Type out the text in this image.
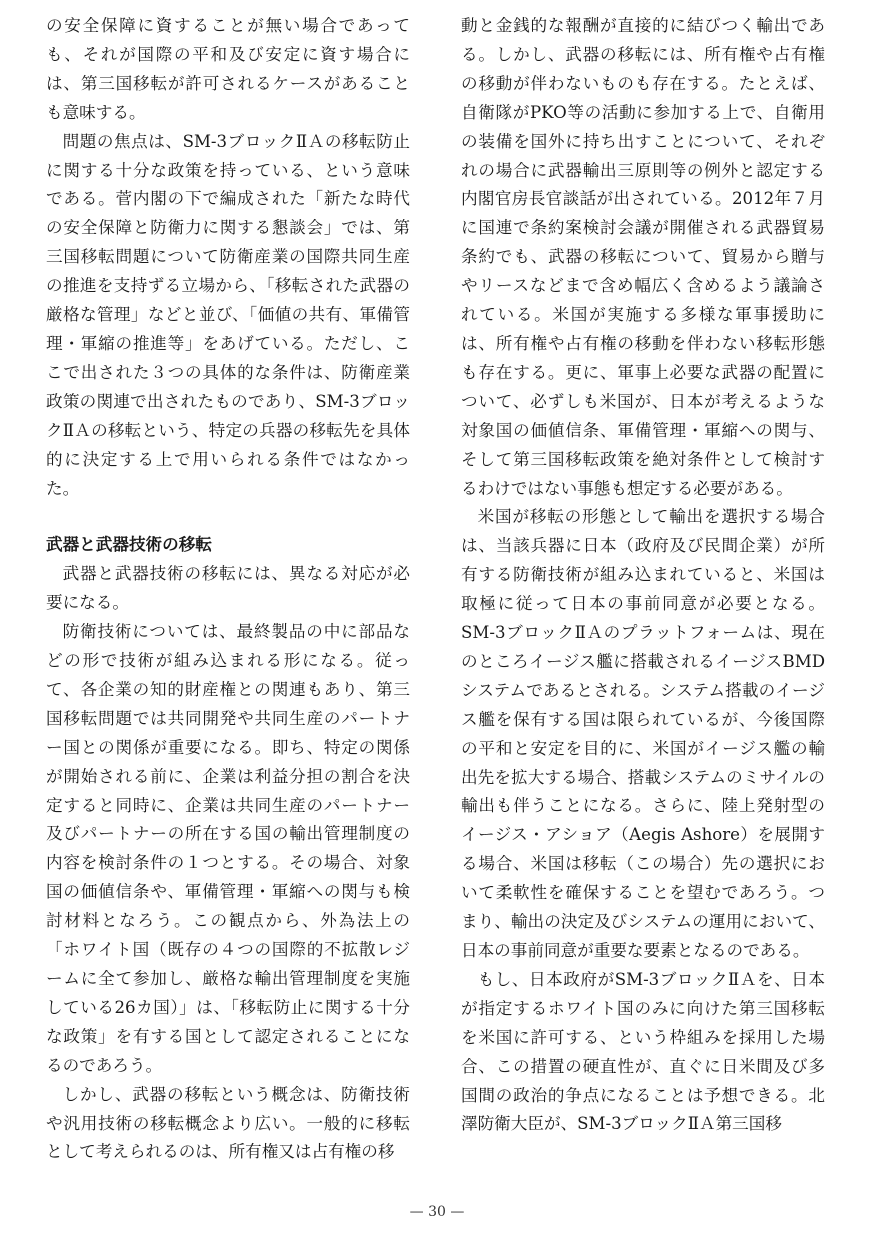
の安全保障に資することが無い場合であっても、それが国際の平和及び安定に資す場合には、第三国移転が許可されるケースがあることも意味する。

問題の焦点は、SM-3ブロックⅡＡの移転防止に関する十分な政策を持っている、という意味である。菅内閣の下で編成された「新たな時代の安全保障と防衛力に関する懇談会」では、第三国移転問題について防衛産業の国際共同生産の推進を支持ずる立場から、「移転された武器の厳格な管理」などと並び、「価値の共有、軍備管理・軍縮の推進等」をあげている。ただし、ここで出された３つの具体的な条件は、防衛産業政策の関連で出されたものであり、SM-3ブロックⅡＡの移転という、特定の兵器の移転先を具体的に決定する上で用いられる条件ではなかった。

武器と武器技術の移転

武器と武器技術の移転には、異なる対応が必要になる。

防衛技術については、最終製品の中に部品などの形で技術が組み込まれる形になる。従って、各企業の知的財産権との関連もあり、第三国移転問題では共同開発や共同生産のパートナー国との関係が重要になる。即ち、特定の関係が開始される前に、企業は利益分担の割合を決定すると同時に、企業は共同生産のパートナー及びパートナーの所在する国の輸出管理制度の内容を検討条件の１つとする。その場合、対象国の価値信条や、軍備管理・軍縮への関与も検討材料となろう。この観点から、外為法上の「ホワイト国（既存の４つの国際的不拡散レジームに全て参加し、厳格な輸出管理制度を実施している26カ国）」は、「移転防止に関する十分な政策」を有する国として認定されることになるのであろう。

しかし、武器の移転という概念は、防衛技術や汎用技術の移転概念より広い。一般的に移転として考えられるのは、所有権又は占有権の移

動と金銭的な報酬が直接的に結びつく輸出である。しかし、武器の移転には、所有権や占有権の移動が伴わないものも存在する。たとえば、自衛隊がPKO等の活動に参加する上で、自衛用の装備を国外に持ち出すことについて、それぞれの場合に武器輸出三原則等の例外と認定する内閣官房長官談話が出されている。2012年７月に国連で条約案検討会議が開催される武器貿易条約でも、武器の移転について、貿易から贈与やリースなどまで含め幅広く含めるよう議論されている。米国が実施する多様な軍事援助には、所有権や占有権の移動を伴わない移転形態も存在する。更に、軍事上必要な武器の配置について、必ずしも米国が、日本が考えるような対象国の価値信条、軍備管理・軍縮への関与、そして第三国移転政策を絶対条件として検討するわけではない事態も想定する必要がある。

米国が移転の形態として輸出を選択する場合は、当該兵器に日本（政府及び民間企業）が所有する防衛技術が組み込まれていると、米国は取極に従って日本の事前同意が必要となる。SM-3ブロックⅡＡのプラットフォームは、現在のところイージス艦に搭載されるイージスBMDシステムであるとされる。システム搭載のイージス艦を保有する国は限られているが、今後国際の平和と安定を目的に、米国がイージス艦の輸出先を拡大する場合、搭載システムのミサイルの輸出も伴うことになる。さらに、陸上発射型のイージス・アショア（Aegis Ashore）を展開する場合、米国は移転（この場合）先の選択において柔軟性を確保することを望むであろう。つまり、輸出の決定及びシステムの運用において、日本の事前同意が重要な要素となるのである。

もし、日本政府がSM-3ブロックⅡＡを、日本が指定するホワイト国のみに向けた第三国移転を米国に許可する、という枠組みを採用した場合、この措置の硬直性が、直ぐに日米間及び多国間の政治的争点になることは予想できる。北澤防衛大臣が、SM-3ブロックⅡＡ第三国移

— 30 —
